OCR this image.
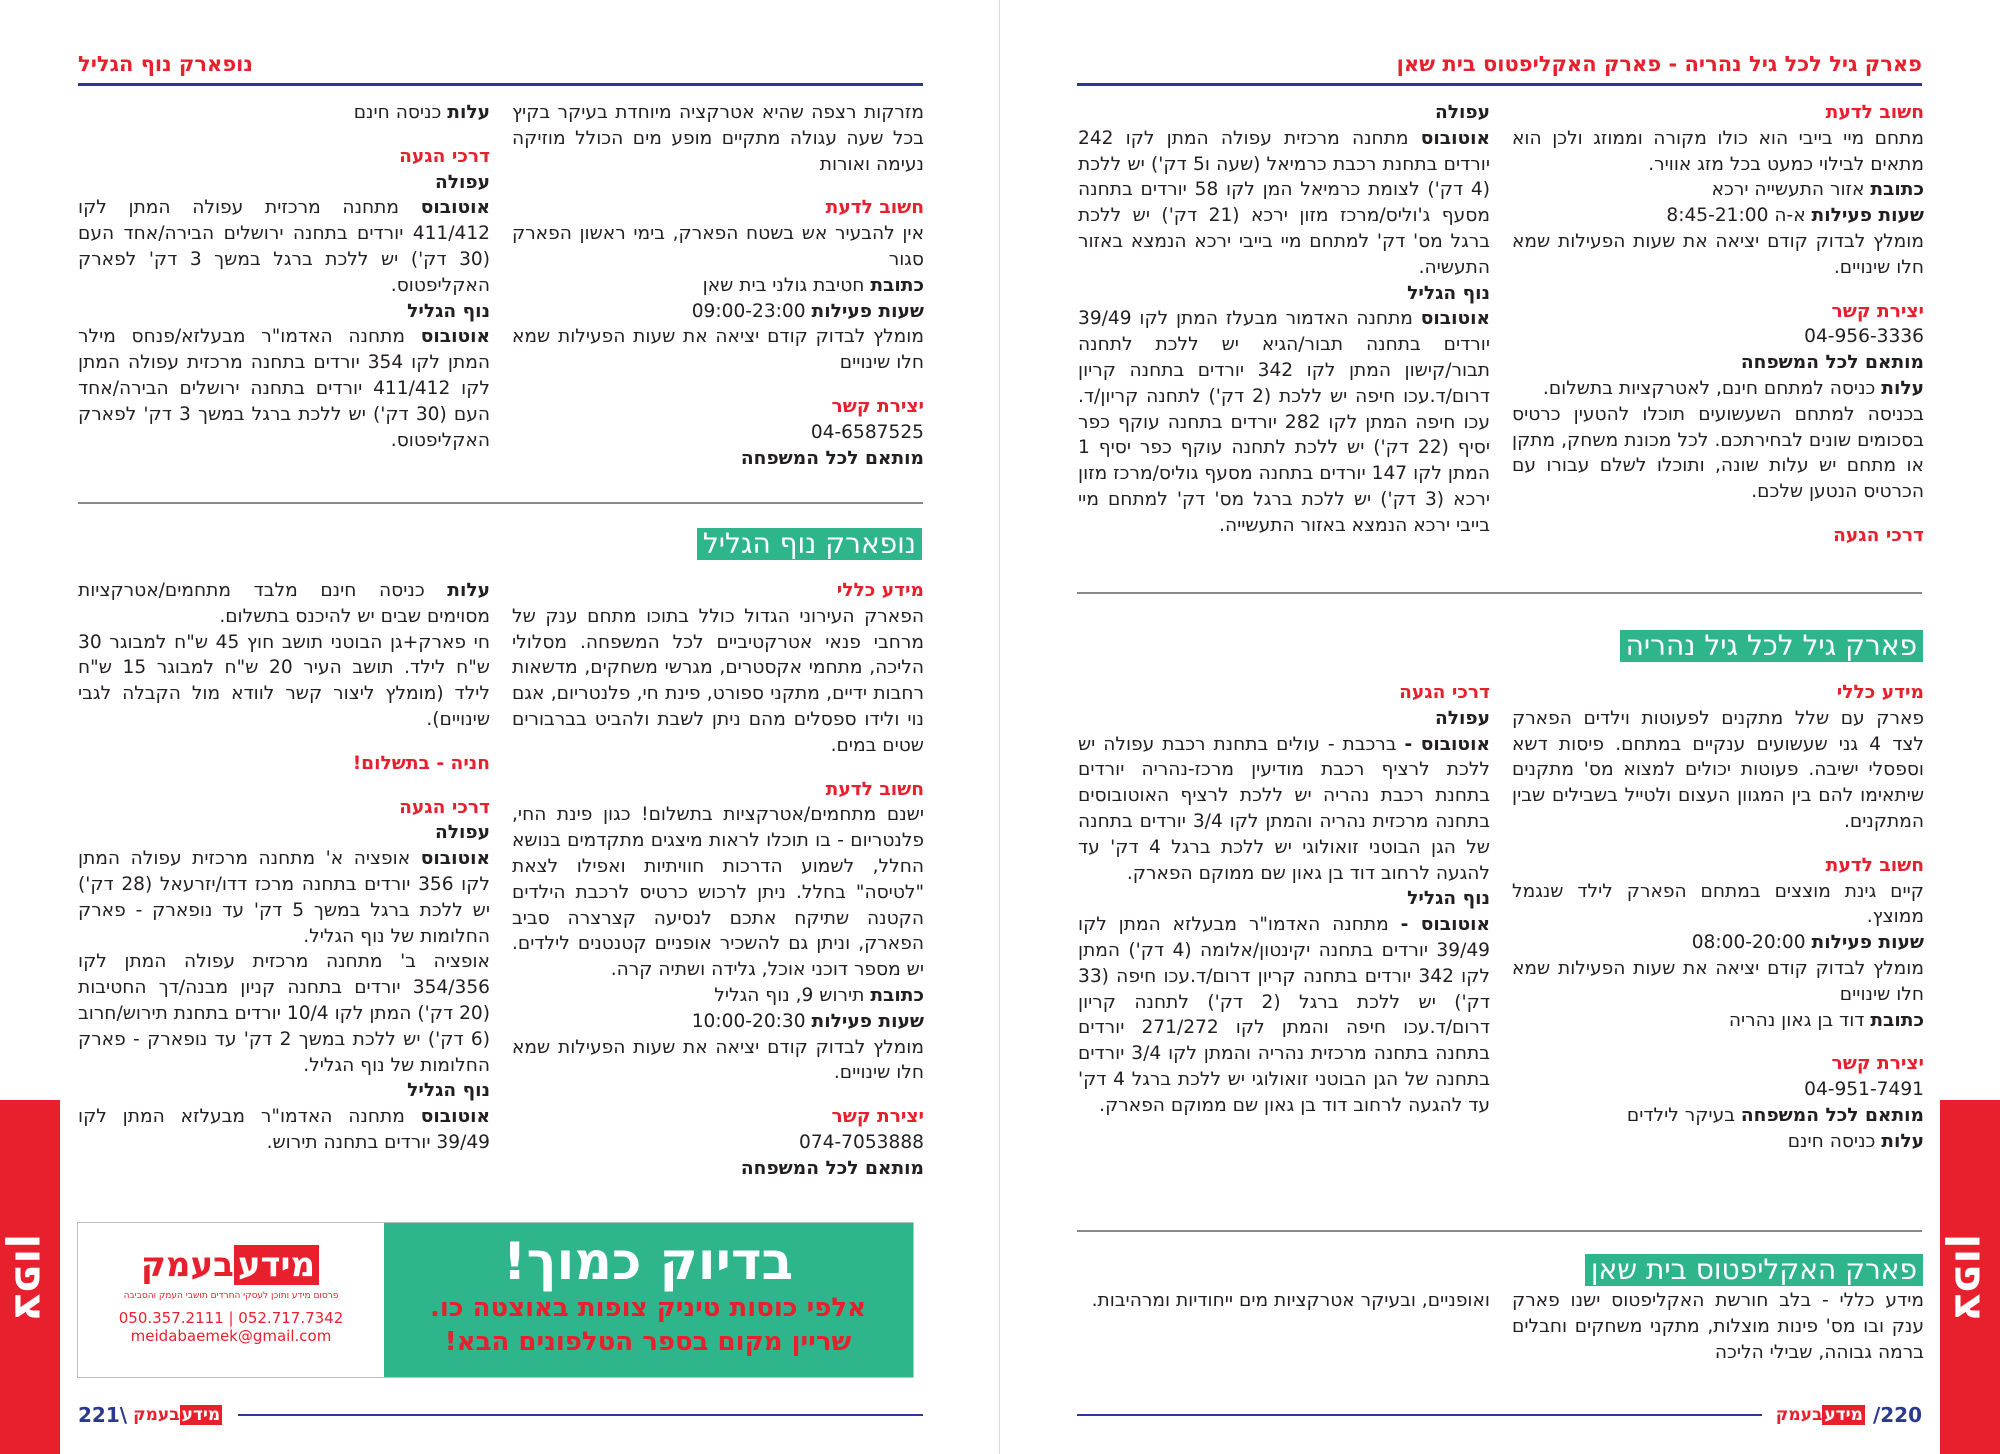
נופארק נוף הגליל

מזרקות רצפה שהיא אטרקציה מיוחדת בעיקר בקיץ בכל שעה עגולה מתקיים מופע מים הכולל מוזיקה נעימה ואורות

חשוב לדעת

אין להבעיר אש בשטח הפארק, בימי ראשון הפארק סגור

כתובת חטיבת גולני בית שאן

שעות פעילות 09:00-23:00

מומלץ לבדוק קודם יציאה את שעות הפעילות שמא חלו שינויים

יצירת קשר

04-6587525

מותאם לכל המשפחה

עלות כניסה חינם

דרכי הגעה

עפולה

אוטובוס מתחנה מרכזית עפולה המתן לקו 411/412 יורדים בתחנה ירושלים הבירה/אחד העם (30 דק') יש ללכת ברגל במשך 3 דק' לפארק האקליפטוס.

נוף הגליל

אוטובוס מתחנה האדמו"ר מבעלזא/פנחס מילר המתן לקו 354 יורדים בתחנה מרכזית עפולה המתן לקו 411/412 יורדים בתחנה ירושלים הבירה/אחד העם (30 דק') יש ללכת ברגל במשך 3 דק' לפארק האקליפטוס.

נופארק נוף הגליל
מידע כללי

הפארק העירוני הגדול כולל בתוכו מתחם ענק של מרחבי פנאי אטרקטיביים לכל המשפחה. מסלולי הליכה, מתחמי אקסטרים, מגרשי משחקים, מדשאות רחבות ידיים, מתקני ספורט, פינת חי, פלנטריום, אגם נוי ולידו ספסלים מהם ניתן לשבת ולהביט בברבורים שטים במים.

חשוב לדעת

ישנם מתחמים/אטרקציות בתשלום! כגון פינת החי, פלנטריום - בו תוכלו לראות מיצגים מתקדמים בנושא החלל, לשמוע הדרכות חוויתיות ואפילו לצאת "לטיסה" בחלל. ניתן לרכוש כרטיס לרכבת הילדים הקטנה שתיקח אתכם לנסיעה קצרצרה סביב הפארק, וניתן גם להשכיר אופניים קטנטנים לילדים. יש מספר דוכני אוכל, גלידה ושתיה קרה.

כתובת תירוש 9, נוף הגליל

שעות פעילות 10:00-20:30

מומלץ לבדוק קודם יציאה את שעות הפעילות שמא חלו שינויים.

יצירת קשר

074-7053888

מותאם לכל המשפחה

עלות כניסה חינם מלבד מתחמים/אטרקציות מסוימים שבים יש להיכנס בתשלום.

חי פארק+גן הבוטני תושב חוץ 45 ש"ח למבוגר 30 ש"ח לילד. תושב העיר 20 ש"ח למבוגר 15 ש"ח לילד (מומלץ ליצור קשר לוודא מול הקבלה לגבי שינויים).

חניה - בתשלום!
דרכי הגעה

עפולה

אוטובוס אופציה א' מתחנה מרכזית עפולה המתן לקו 356 יורדים בתחנה מרכז דדו/יזרעאל (28 דק') יש ללכת ברגל במשך 5 דק' עד נופארק - פארק החלומות של נוף הגליל.

אופציה ב' מתחנה מרכזית עפולה המתן לקו 354/356 יורדים בתחנה קניון מבנה/דך החטיבות (20 דק') המתן לקו 10/4 יורדים בתחנת תירוש/חרוב (6 דק') יש ללכת במשך 2 דק' עד נופארק - פארק החלומות של נוף הגליל.

נוף הגליל

אוטובוס מתחנה האדמו"ר מבעלזא המתן לקו 39/49 יורדים בתחנה תירוש.

בדיוק כמוך!
אלפי כוסות טיניק צופות באוצטה כו.
שריין מקום בספר הטלפונים הבא!
מידע
בעמק
פרסום מידע ותוכן לעסקי החרדים תושבי העמק והסביבה
050.357.2111 | 052.717.7342
meidabaemek@gmail.com
צפון
221\	מידע
בעמק
פארק גיל לכל גיל נהריה - פארק האקליפטוס בית שאן
חשוב לדעת

מתחם מיי בייבי הוא כולו מקורה וממוזג ולכן הוא מתאים לבילוי כמעט בכל מזג אוויר.

כתובת אזור התעשייה ירכא

שעות פעילות א-ה 8:45-21:00

מומלץ לבדוק קודם יציאה את שעות הפעילות שמא חלו שינויים.

יצירת קשר

04-956-3336

מותאם לכל המשפחה

עלות כניסה למתחם חינם, לאטרקציות בתשלום.

בכניסה למתחם השעשועים תוכלו להטעין כרטיס בסכומים שונים לבחירתכם. לכל מכונת משחק, מתקן או מתחם יש עלות שונה, ותוכלו לשלם עבורו עם הכרטיס הנטען שלכם.

דרכי הגעה

עפולה

אוטובוס מתחנה מרכזית עפולה המתן לקו 242 יורדים בתחנת רכבת כרמיאל (שעה ו5 דק') יש ללכת (4 דק') לצומת כרמיאל המן לקו 58 יורדים בתחנה מסעף ג'וליס/מרכז מזון ירכא (21 דק') יש ללכת ברגל מס' דק' למתחם מיי בייבי ירכא הנמצא באזור התעשיה.

נוף הגליל

אוטובוס מתחנה האדמור מבעלז המתן לקו 39/49 יורדים בתחנה תבור/הגיא יש ללכת לתחנה תבור/קישון המתן לקו 342 יורדים בתחנה קריון דרום/ד.עכו חיפה יש ללכת (2 דק') לתחנה קריון/ד. עכו חיפה המתן לקו 282 יורדים בתחנה עוקף כפר יסיף (22 דק') יש ללכת לתחנה עוקף כפר יסיף 1 המתן לקו 147 יורדים בתחנה מסעף גוליס/מרכז מזון ירכא (3 דק') יש ללכת ברגל מס' דק' למתחם מיי בייבי ירכא הנמצא באזור התעשייה.

פארק גיל לכל גיל נהריה
מידע כללי

פארק עם שלל מתקנים לפעוטות וילדים הפארק לצד 4 גני שעשועים ענקיים במתחם. פיסות דשא וספסלי ישיבה. פעוטות יכולים למצוא מס' מתקנים שיתאימו להם בין המגוון העצום ולטייל בשבילים שבין המתקנים.

חשוב לדעת

קיים גינת מוצצים במתחם הפארק לילד שנגמל ממוצץ.

שעות פעילות 08:00-20:00

מומלץ לבדוק קודם יציאה את שעות הפעילות שמא חלו שינויים

כתובת דוד בן גאון נהריה

יצירת קשר

04-951-7491

מותאם לכל המשפחה בעיקר לילדים

עלות כניסה חינם

דרכי הגעה

עפולה

אוטובוס - ברכבת - עולים בתחנת רכבת עפולה יש ללכת לרציף רכבת מודיעין מרכז-נהריה יורדים בתחנת רכבת נהריה יש ללכת לרציף האוטובוסים בתחנה מרכזית נהריה והמתן לקו 3/4 יורדים בתחנה של הגן הבוטני זואולוגי יש ללכת ברגל 4 דק' עד להגעה לרחוב דוד בן גאון שם ממוקם הפארק.

נוף הגליל

אוטובוס - מתחנה האדמו"ר מבעלזא המתן לקו 39/49 יורדים בתחנה יקינטון/אלומה (4 דק') המתן לקו 342 יורדים בתחנה קריון דרום/ד.עכו חיפה (33 דק') יש ללכת ברגל (2 דק') לתחנה קריון דרום/ד.עכו חיפה והמתן לקו 271/272 יורדים בתחנה בתחנה מרכזית נהריה והמתן לקו 3/4 יורדים בתחנה של הגן הבוטני זואולוגי יש ללכת ברגל 4 דק' עד להגעה לרחוב דוד בן גאון שם ממוקם הפארק.

פארק האקליפטוס בית שאן

מידע כללי - בלב חורשת האקליפטוס ישנו פארק ענק ובו מס' פינות מוצלות, מתקני משחקים וחבלים ברמה גבוהה, שבילי הליכה

ואופניים, ובעיקר אטרקציות מים ייחודיות ומרהיבות.	צפון
מידע
בעמק	/220
